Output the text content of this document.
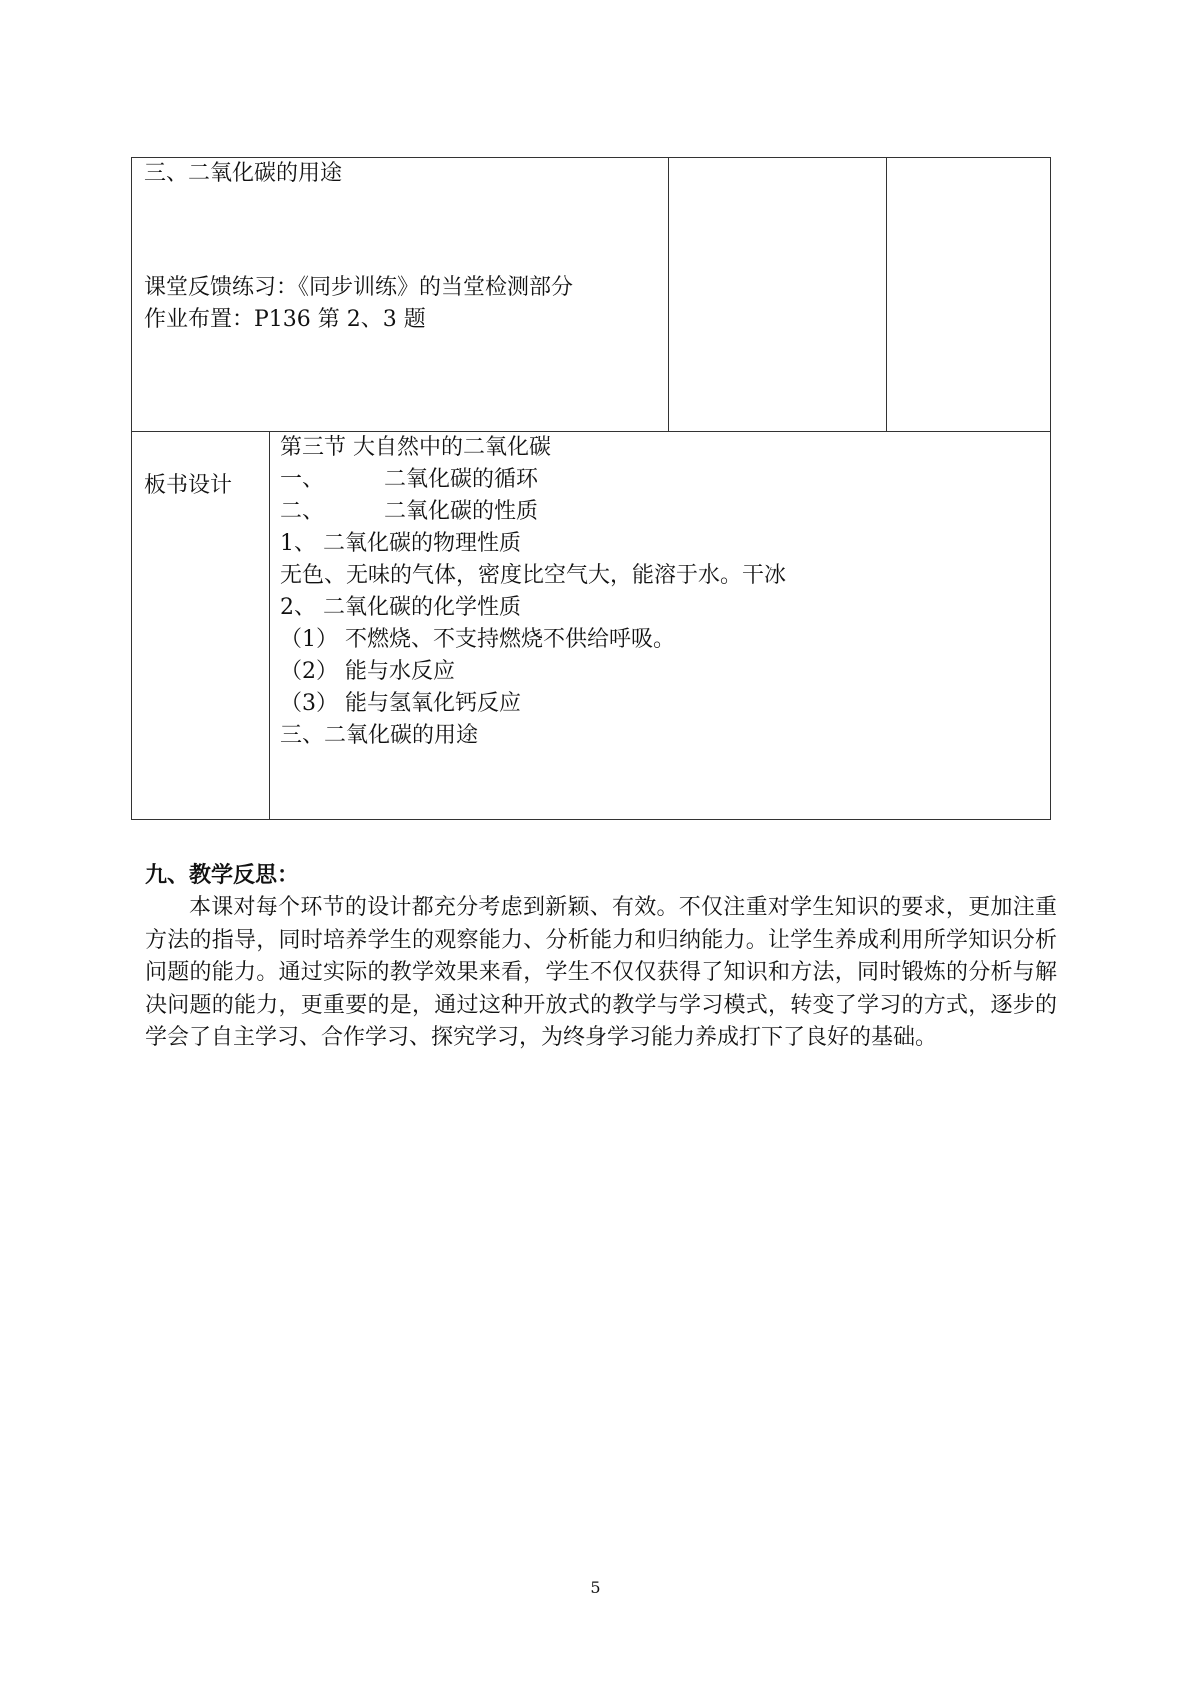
三、二氧化碳的用途
课堂反馈练习：《同步训练》的当堂检测部分
作业布置：P136 第 2、3 题
板书设计
第三节 大自然中的二氧化碳
一、	二氧化碳的循环
二、	二氧化碳的性质
1、 二氧化碳的物理性质
无色、无味的气体，密度比空气大，能溶于水。干冰
2、 二氧化碳的化学性质
（1） 不燃烧、不支持燃烧不供给呼吸。
（2） 能与水反应
（3） 能与氢氧化钙反应
三、二氧化碳的用途
九、教学反思：
本课对每个环节的设计都充分考虑到新颖、有效。不仅注重对学生知识的要求，更加注重方法的指导，同时培养学生的观察能力、分析能力和归纳能力。让学生养成利用所学知识分析问题的能力。通过实际的教学效果来看，学生不仅仅获得了知识和方法，同时锻炼的分析与解决问题的能力，更重要的是，通过这种开放式的教学与学习模式，转变了学习的方式，逐步的学会了自主学习、合作学习、探究学习，为终身学习能力养成打下了良好的基础。
5
